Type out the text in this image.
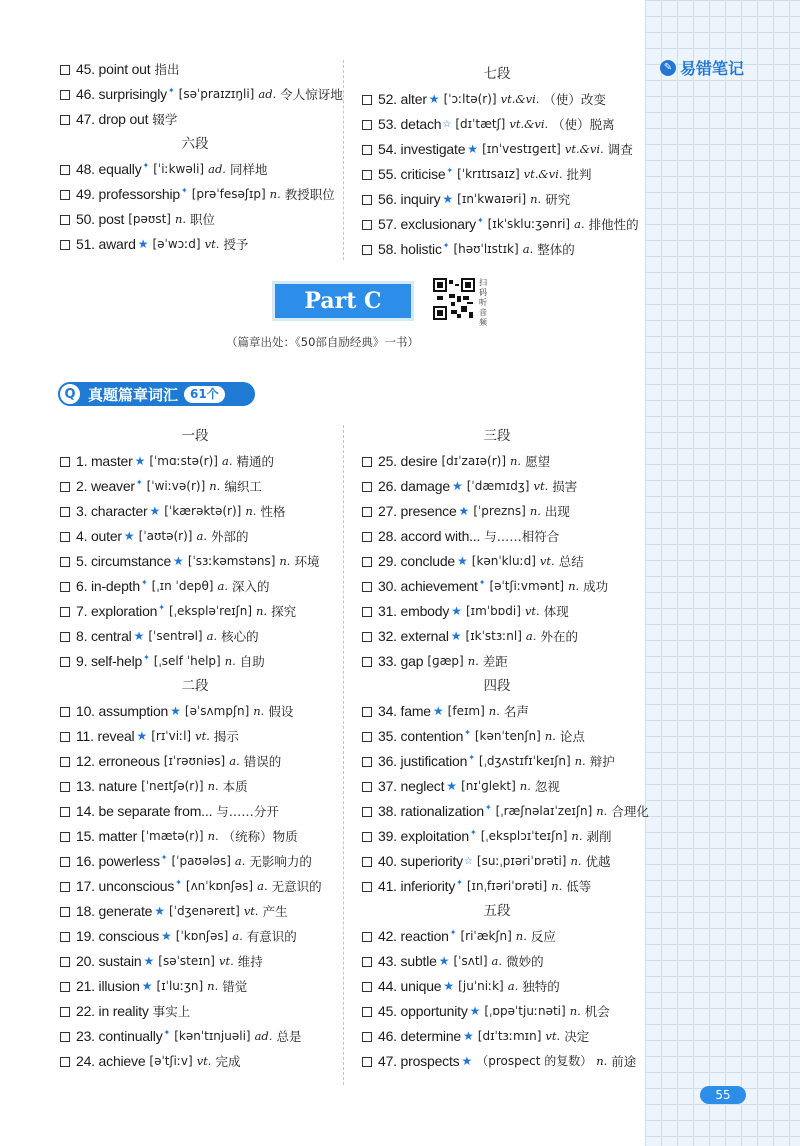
✎ 易错笔记
45. point out 指出
46. surprisingly ✦ [səˈpraɪzɪŋli] ad. 令人惊讶地
47. drop out 辍学
六段
48. equally ✦ [ˈiːkwəli] ad. 同样地
49. professorship ✦ [prəˈfesəʃɪp] n. 教授职位
50. post [pəʊst] n. 职位
51. award ★ [əˈwɔːd] vt. 授予
七段
52. alter ★ [ˈɔːltə(r)] vt.&vi. （使）改变
53. detach ☆ [dɪˈtætʃ] vt.&vi. （使）脱离
54. investigate ★ [ɪnˈvestɪɡeɪt] vt.&vi. 调查
55. criticise ✦ [ˈkrɪtɪsaɪz] vt.&vi. 批判
56. inquiry ★ [ɪnˈkwaɪəri] n. 研究
57. exclusionary ✦ [ɪkˈskluːʒənri] a. 排他性的
58. holistic ✦ [həʊˈlɪstɪk] a. 整体的
Part C
扫码听音频
（篇章出处：《50部自励经典》一书）
Q 真题篇章词汇	61个
一段
1. master ★ [ˈmɑːstə(r)] a. 精通的
2. weaver ✦ [ˈwiːvə(r)] n. 编织工
3. character ★ [ˈkærəktə(r)] n. 性格
4. outer ★ [ˈaʊtə(r)] a. 外部的
5. circumstance ★ [ˈsɜːkəmstəns] n. 环境
6. in-depth ✦ [ˌɪn ˈdepθ] a. 深入的
7. exploration ✦ [ˌekspləˈreɪʃn] n. 探究
8. central ★ [ˈsentrəl] a. 核心的
9. self-help ✦ [ˌself ˈhelp] n. 自助
二段
10. assumption ★ [əˈsʌmpʃn] n. 假设
11. reveal ★ [rɪˈviːl] vt. 揭示
12. erroneous [ɪˈrəʊniəs] a. 错误的
13. nature [ˈneɪtʃə(r)] n. 本质
14. be separate from... 与……分开
15. matter [ˈmætə(r)] n. （统称）物质
16. powerless ✦ [ˈpaʊələs] a. 无影响力的
17. unconscious ✦ [ʌnˈkɒnʃəs] a. 无意识的
18. generate ★ [ˈdʒenəreɪt] vt. 产生
19. conscious ★ [ˈkɒnʃəs] a. 有意识的
20. sustain ★ [səˈsteɪn] vt. 维持
21. illusion ★ [ɪˈluːʒn] n. 错觉
22. in reality 事实上
23. continually ✦ [kənˈtɪnjuəli] ad. 总是
24. achieve [əˈtʃiːv] vt. 完成
三段
25. desire [dɪˈzaɪə(r)] n. 愿望
26. damage ★ [ˈdæmɪdʒ] vt. 损害
27. presence ★ [ˈprezns] n. 出现
28. accord with... 与……相符合
29. conclude ★ [kənˈkluːd] vt. 总结
30. achievement ✦ [əˈtʃiːvmənt] n. 成功
31. embody ★ [ɪmˈbɒdi] vt. 体现
32. external ★ [ɪkˈstɜːnl] a. 外在的
33. gap [ɡæp] n. 差距
四段
34. fame ★ [feɪm] n. 名声
35. contention ✦ [kənˈtenʃn] n. 论点
36. justification ✦ [ˌdʒʌstɪfɪˈkeɪʃn] n. 辩护
37. neglect ★ [nɪˈɡlekt] n. 忽视
38. rationalization ✦ [ˌræʃnəlaɪˈzeɪʃn] n. 合理化
39. exploitation ✦ [ˌeksplɔɪˈteɪʃn] n. 剥削
40. superiority ☆ [suːˌpɪəriˈɒrəti] n. 优越
41. inferiority ✦ [ɪnˌfɪəriˈɒrəti] n. 低等
五段
42. reaction ✦ [riˈækʃn] n. 反应
43. subtle ★ [ˈsʌtl] a. 微妙的
44. unique ★ [juˈniːk] a. 独特的
45. opportunity ★ [ˌɒpəˈtjuːnəti] n. 机会
46. determine ★ [dɪˈtɜːmɪn] vt. 决定
47. prospects ★ （prospect 的复数） n. 前途
55
